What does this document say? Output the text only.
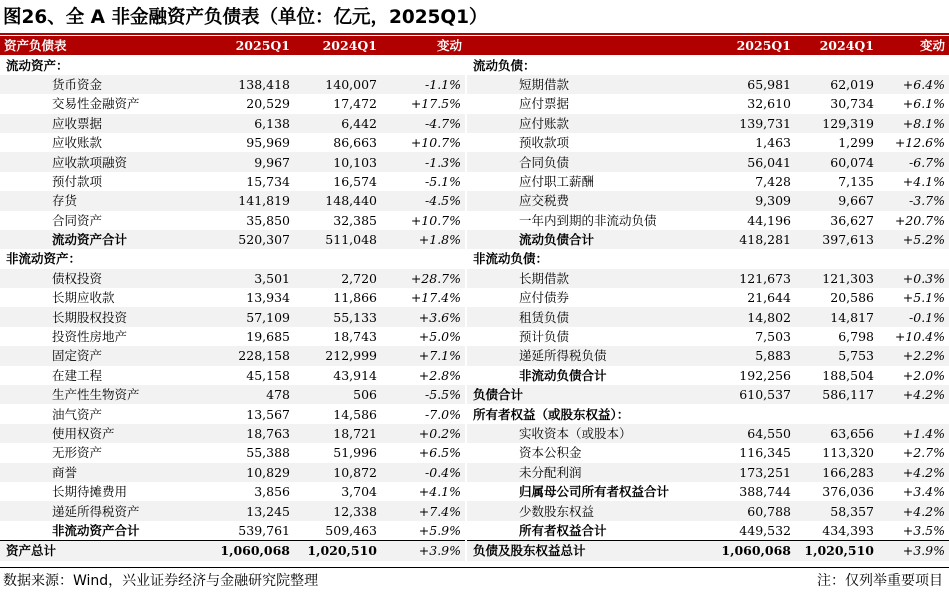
图26、全 A 非金融资产负债表（单位：亿元，2025Q1）
资产负债表	2025Q1	2024Q1	变动		2025Q1	2024Q1	变动
流动资产：				流动负债：			
货币资金	138,418	140,007	-1.1%	短期借款	65,981	62,019	+6.4%
交易性金融资产	20,529	17,472	+17.5%	应付票据	32,610	30,734	+6.1%
应收票据	6,138	6,442	-4.7%	应付账款	139,731	129,319	+8.1%
应收账款	95,969	86,663	+10.7%	预收款项	1,463	1,299	+12.6%
应收款项融资	9,967	10,103	-1.3%	合同负债	56,041	60,074	-6.7%
预付款项	15,734	16,574	-5.1%	应付职工薪酬	7,428	7,135	+4.1%
存货	141,819	148,440	-4.5%	应交税费	9,309	9,667	-3.7%
合同资产	35,850	32,385	+10.7%	一年内到期的非流动负债	44,196	36,627	+20.7%
流动资产合计	520,307	511,048	+1.8%	流动负债合计	418,281	397,613	+5.2%
非流动资产：				非流动负债：			
债权投资	3,501	2,720	+28.7%	长期借款	121,673	121,303	+0.3%
长期应收款	13,934	11,866	+17.4%	应付债券	21,644	20,586	+5.1%
长期股权投资	57,109	55,133	+3.6%	租赁负债	14,802	14,817	-0.1%
投资性房地产	19,685	18,743	+5.0%	预计负债	7,503	6,798	+10.4%
固定资产	228,158	212,999	+7.1%	递延所得税负债	5,883	5,753	+2.2%
在建工程	45,158	43,914	+2.8%	非流动负债合计	192,256	188,504	+2.0%
生产性生物资产	478	506	-5.5%	负债合计	610,537	586,117	+4.2%
油气资产	13,567	14,586	-7.0%	所有者权益（或股东权益）：			
使用权资产	18,763	18,721	+0.2%	实收资本（或股本）	64,550	63,656	+1.4%
无形资产	55,388	51,996	+6.5%	资本公积金	116,345	113,320	+2.7%
商誉	10,829	10,872	-0.4%	未分配利润	173,251	166,283	+4.2%
长期待摊费用	3,856	3,704	+4.1%	归属母公司所有者权益合计	388,744	376,036	+3.4%
递延所得税资产	13,245	12,338	+7.4%	少数股东权益	60,788	58,357	+4.2%
非流动资产合计	539,761	509,463	+5.9%	所有者权益合计	449,532	434,393	+3.5%
资产总计	1,060,068	1,020,510	+3.9%	负债及股东权益总计	1,060,068	1,020,510	+3.9%
数据来源：Wind，兴业证券经济与金融研究院整理	注：仅列举重要项目
